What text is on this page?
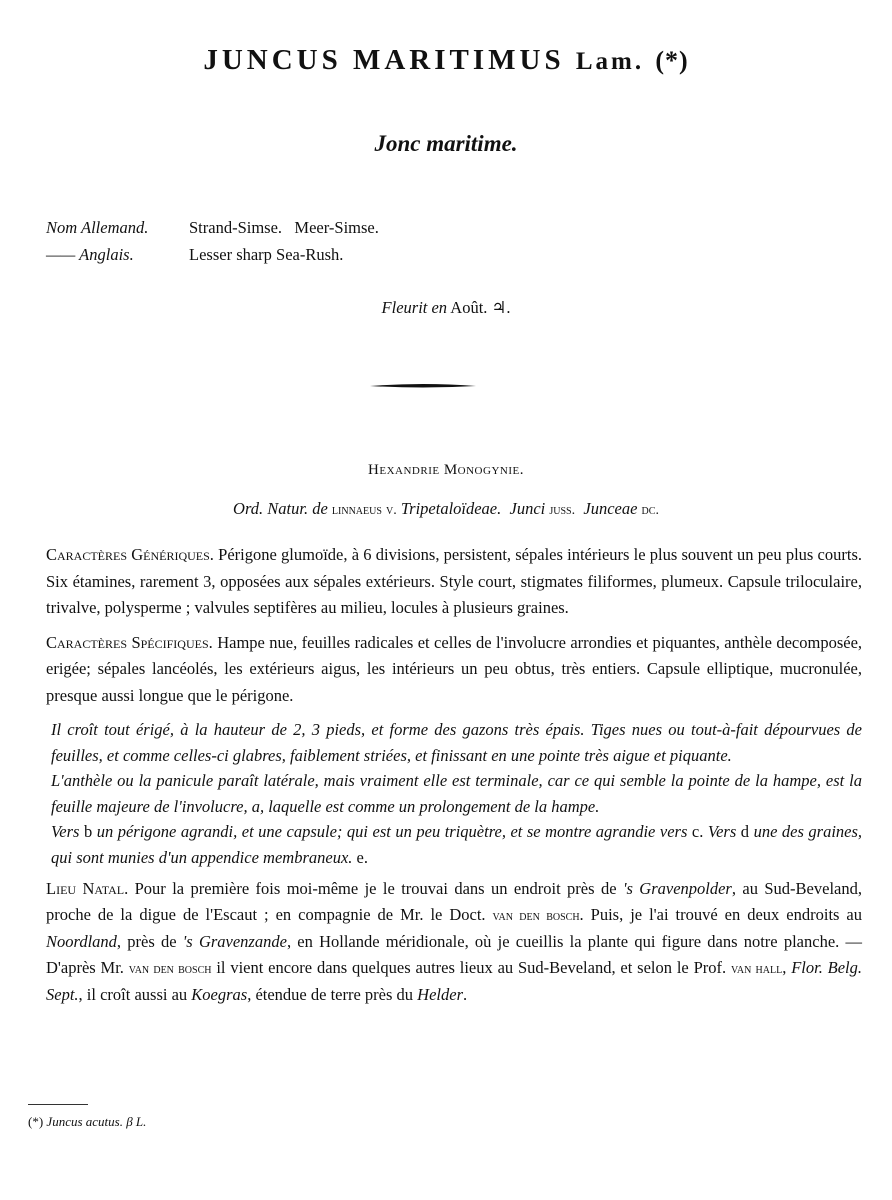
JUNCUS MARITIMUS Lam. (*)
Jonc maritime.
Nom Allemand. Strand-Simse.   Meer-Simse.
—— Anglais.	Lesser sharp Sea-Rush.
Fleurit en Août. ♃.
Hexandrie Monogynie.
Ord. Natur. de linnaeus v. Tripetaloïdeae. Junci juss. Junceae dc.

Caractères Génériques. Périgone glumoïde, à 6 divisions, persistent, sépales intérieurs le plus souvent un peu plus courts. Six étamines, rarement 3, opposées aux sépales extérieurs. Style court, stigmates filiformes, plumeux. Capsule triloculaire, trivalve, polysperme ; valvules septifères au milieu, locules à plusieurs graines.

Caractères Spécifiques. Hampe nue, feuilles radicales et celles de l'involucre arrondies et piquantes, anthèle decomposée, erigée; sépales lancéolés, les extérieurs aigus, les intérieurs un peu obtus, très entiers. Capsule elliptique, mucronulée, presque aussi longue que le périgone.

Il croît tout érigé, à la hauteur de 2, 3 pieds, et forme des gazons très épais. Tiges nues ou tout-à-fait dépourvues de feuilles, et comme celles-ci glabres, faiblement striées, et finissant en une pointe très aigue et piquante.

L'anthèle ou la panicule paraît latérale, mais vraiment elle est terminale, car ce qui semble la pointe de la hampe, est la feuille majeure de l'involucre, a, laquelle est comme un prolongement de la hampe.

Vers b un périgone agrandi, et une capsule; qui est un peu triquètre, et se montre agrandie vers c. Vers d une des graines, qui sont munies d'un appendice membraneux. e.

Lieu Natal. Pour la première fois moi-même je le trouvai dans un endroit près de 's Gravenpolder, au Sud-Beveland, proche de la digue de l'Escaut ; en compagnie de Mr. le Doct. van den bosch. Puis, je l'ai trouvé en deux endroits au Noordland, près de 's Gravenzande, en Hollande méridionale, où je cueillis la plante qui figure dans notre planche. — D'après Mr. van den bosch il vient encore dans quelques autres lieux au Sud-Beveland, et selon le Prof. van hall, Flor. Belg. Sept., il croît aussi au Koegras, étendue de terre près du Helder.

(*) Juncus acutus. β L.
